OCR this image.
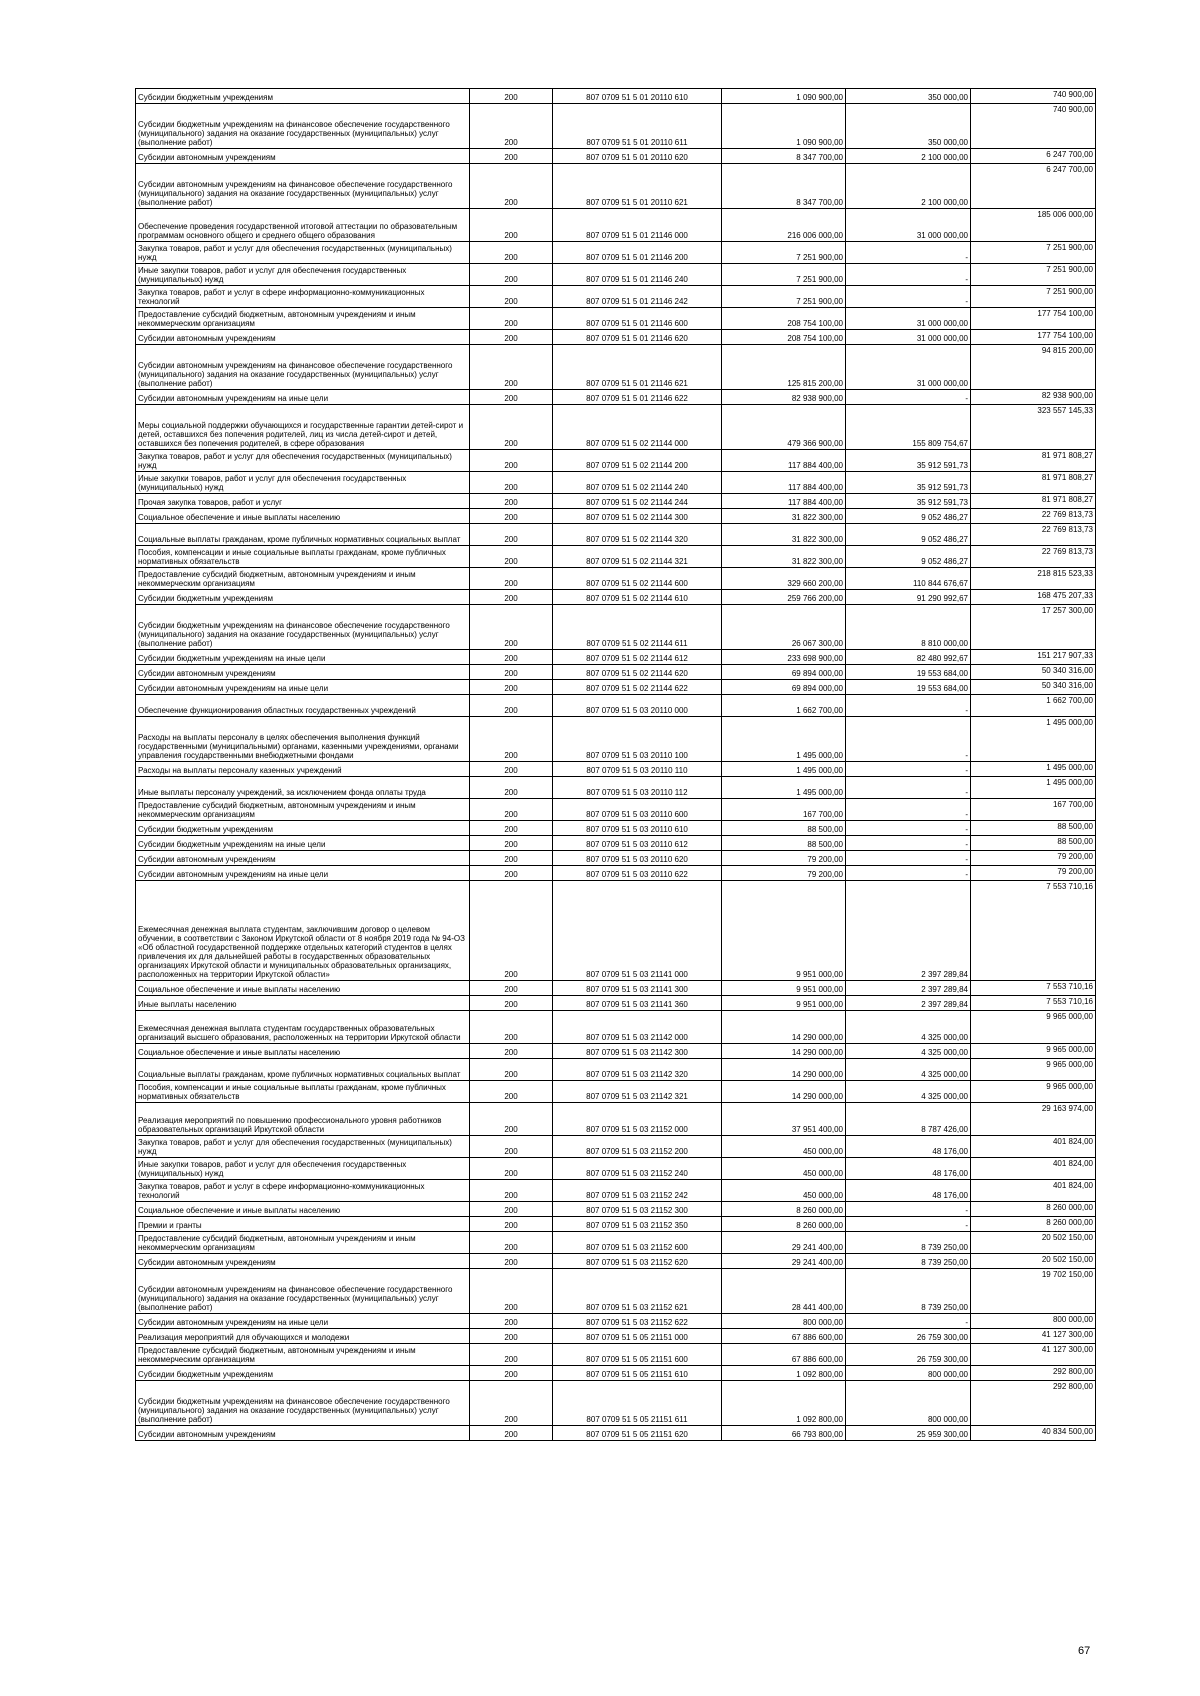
Субсидии бюджетным учреждениям	200	807 0709 51 5 01 20110 610	1 090 900,00	350 000,00	740 900,00
Субсидии бюджетным учреждениям на финансовое обеспечение государственного (муниципального) задания на оказание государственных (муниципальных) услуг (выполнение работ)	200	807 0709 51 5 01 20110 611	1 090 900,00	350 000,00	740 900,00
Субсидии автономным учреждениям	200	807 0709 51 5 01 20110 620	8 347 700,00	2 100 000,00	6 247 700,00
Субсидии автономным учреждениям на финансовое обеспечение государственного (муниципального) задания на оказание государственных (муниципальных) услуг (выполнение работ)	200	807 0709 51 5 01 20110 621	8 347 700,00	2 100 000,00	6 247 700,00
Обеспечение проведения государственной итоговой аттестации по образовательным программам основного общего и среднего общего образования	200	807 0709 51 5 01 21146 000	216 006 000,00	31 000 000,00	185 006 000,00
Закупка товаров, работ и услуг для обеспечения государственных (муниципальных) нужд	200	807 0709 51 5 01 21146 200	7 251 900,00	-	7 251 900,00
Иные закупки товаров, работ и услуг для обеспечения государственных (муниципальных) нужд	200	807 0709 51 5 01 21146 240	7 251 900,00	-	7 251 900,00
Закупка товаров, работ и услуг в сфере информационно-коммуникационных технологий	200	807 0709 51 5 01 21146 242	7 251 900,00	-	7 251 900,00
Предоставление субсидий бюджетным, автономным учреждениям и иным некоммерческим организациям	200	807 0709 51 5 01 21146 600	208 754 100,00	31 000 000,00	177 754 100,00
Субсидии автономным учреждениям	200	807 0709 51 5 01 21146 620	208 754 100,00	31 000 000,00	177 754 100,00
Субсидии автономным учреждениям на финансовое обеспечение государственного (муниципального) задания на оказание государственных (муниципальных) услуг (выполнение работ)	200	807 0709 51 5 01 21146 621	125 815 200,00	31 000 000,00	94 815 200,00
Субсидии автономным учреждениям на иные цели	200	807 0709 51 5 01 21146 622	82 938 900,00	-	82 938 900,00
Меры социальной поддержки обучающихся и государственные гарантии детей-сирот и детей, оставшихся без попечения родителей, лиц из числа детей-сирот и детей, оставшихся без попечения родителей, в сфере образования	200	807 0709 51 5 02 21144 000	479 366 900,00	155 809 754,67	323 557 145,33
Закупка товаров, работ и услуг для обеспечения государственных (муниципальных) нужд	200	807 0709 51 5 02 21144 200	117 884 400,00	35 912 591,73	81 971 808,27
Иные закупки товаров, работ и услуг для обеспечения государственных (муниципальных) нужд	200	807 0709 51 5 02 21144 240	117 884 400,00	35 912 591,73	81 971 808,27
Прочая закупка товаров, работ и услуг	200	807 0709 51 5 02 21144 244	117 884 400,00	35 912 591,73	81 971 808,27
Социальное обеспечение и иные выплаты населению	200	807 0709 51 5 02 21144 300	31 822 300,00	9 052 486,27	22 769 813,73
Социальные выплаты гражданам, кроме публичных нормативных социальных выплат	200	807 0709 51 5 02 21144 320	31 822 300,00	9 052 486,27	22 769 813,73
Пособия, компенсации и иные социальные выплаты гражданам, кроме публичных нормативных обязательств	200	807 0709 51 5 02 21144 321	31 822 300,00	9 052 486,27	22 769 813,73
Предоставление субсидий бюджетным, автономным учреждениям и иным некоммерческим организациям	200	807 0709 51 5 02 21144 600	329 660 200,00	110 844 676,67	218 815 523,33
Субсидии бюджетным учреждениям	200	807 0709 51 5 02 21144 610	259 766 200,00	91 290 992,67	168 475 207,33
Субсидии бюджетным учреждениям на финансовое обеспечение государственного (муниципального) задания на оказание государственных (муниципальных) услуг (выполнение работ)	200	807 0709 51 5 02 21144 611	26 067 300,00	8 810 000,00	17 257 300,00
Субсидии бюджетным учреждениям на иные цели	200	807 0709 51 5 02 21144 612	233 698 900,00	82 480 992,67	151 217 907,33
Субсидии автономным учреждениям	200	807 0709 51 5 02 21144 620	69 894 000,00	19 553 684,00	50 340 316,00
Субсидии автономным учреждениям на иные цели	200	807 0709 51 5 02 21144 622	69 894 000,00	19 553 684,00	50 340 316,00
Обеспечение функционирования областных государственных учреждений	200	807 0709 51 5 03 20110 000	1 662 700,00	-	1 662 700,00
Расходы на выплаты персоналу в целях обеспечения выполнения функций государственными (муниципальными) органами, казенными учреждениями, органами управления государственными внебюджетными фондами	200	807 0709 51 5 03 20110 100	1 495 000,00	-	1 495 000,00
Расходы на выплаты персоналу казенных учреждений	200	807 0709 51 5 03 20110 110	1 495 000,00	-	1 495 000,00
Иные выплаты персоналу учреждений, за исключением фонда оплаты труда	200	807 0709 51 5 03 20110 112	1 495 000,00	-	1 495 000,00
Предоставление субсидий бюджетным, автономным учреждениям и иным некоммерческим организациям	200	807 0709 51 5 03 20110 600	167 700,00	-	167 700,00
Субсидии бюджетным учреждениям	200	807 0709 51 5 03 20110 610	88 500,00	-	88 500,00
Субсидии бюджетным учреждениям на иные цели	200	807 0709 51 5 03 20110 612	88 500,00	-	88 500,00
Субсидии автономным учреждениям	200	807 0709 51 5 03 20110 620	79 200,00	-	79 200,00
Субсидии автономным учреждениям на иные цели	200	807 0709 51 5 03 20110 622	79 200,00	-	79 200,00
Ежемесячная денежная выплата студентам, заключившим договор о целевом обучении, в соответствии с Законом Иркутской области от 8 ноября 2019 года № 94-ОЗ «Об областной государственной поддержке отдельных категорий студентов в целях привлечения их для дальнейшей работы в государственных образовательных организациях Иркутской области и муниципальных образовательных организациях, расположенных на территории Иркутской области»	200	807 0709 51 5 03 21141 000	9 951 000,00	2 397 289,84	7 553 710,16
Социальное обеспечение и иные выплаты населению	200	807 0709 51 5 03 21141 300	9 951 000,00	2 397 289,84	7 553 710,16
Иные выплаты населению	200	807 0709 51 5 03 21141 360	9 951 000,00	2 397 289,84	7 553 710,16
Ежемесячная денежная выплата студентам государственных образовательных организаций высшего образования, расположенных на территории Иркутской области	200	807 0709 51 5 03 21142 000	14 290 000,00	4 325 000,00	9 965 000,00
Социальное обеспечение и иные выплаты населению	200	807 0709 51 5 03 21142 300	14 290 000,00	4 325 000,00	9 965 000,00
Социальные выплаты гражданам, кроме публичных нормативных социальных выплат	200	807 0709 51 5 03 21142 320	14 290 000,00	4 325 000,00	9 965 000,00
Пособия, компенсации и иные социальные выплаты гражданам, кроме публичных нормативных обязательств	200	807 0709 51 5 03 21142 321	14 290 000,00	4 325 000,00	9 965 000,00
Реализация мероприятий по повышению профессионального уровня работников образовательных организаций Иркутской области	200	807 0709 51 5 03 21152 000	37 951 400,00	8 787 426,00	29 163 974,00
Закупка товаров, работ и услуг для обеспечения государственных (муниципальных) нужд	200	807 0709 51 5 03 21152 200	450 000,00	48 176,00	401 824,00
Иные закупки товаров, работ и услуг для обеспечения государственных (муниципальных) нужд	200	807 0709 51 5 03 21152 240	450 000,00	48 176,00	401 824,00
Закупка товаров, работ и услуг в сфере информационно-коммуникационных технологий	200	807 0709 51 5 03 21152 242	450 000,00	48 176,00	401 824,00
Социальное обеспечение и иные выплаты населению	200	807 0709 51 5 03 21152 300	8 260 000,00	-	8 260 000,00
Премии и гранты	200	807 0709 51 5 03 21152 350	8 260 000,00	-	8 260 000,00
Предоставление субсидий бюджетным, автономным учреждениям и иным некоммерческим организациям	200	807 0709 51 5 03 21152 600	29 241 400,00	8 739 250,00	20 502 150,00
Субсидии автономным учреждениям	200	807 0709 51 5 03 21152 620	29 241 400,00	8 739 250,00	20 502 150,00
Субсидии автономным учреждениям на финансовое обеспечение государственного (муниципального) задания на оказание государственных (муниципальных) услуг (выполнение работ)	200	807 0709 51 5 03 21152 621	28 441 400,00	8 739 250,00	19 702 150,00
Субсидии автономным учреждениям на иные цели	200	807 0709 51 5 03 21152 622	800 000,00	-	800 000,00
Реализация мероприятий для обучающихся и молодежи	200	807 0709 51 5 05 21151 000	67 886 600,00	26 759 300,00	41 127 300,00
Предоставление субсидий бюджетным, автономным учреждениям и иным некоммерческим организациям	200	807 0709 51 5 05 21151 600	67 886 600,00	26 759 300,00	41 127 300,00
Субсидии бюджетным учреждениям	200	807 0709 51 5 05 21151 610	1 092 800,00	800 000,00	292 800,00
Субсидии бюджетным учреждениям на финансовое обеспечение государственного (муниципального) задания на оказание государственных (муниципальных) услуг (выполнение работ)	200	807 0709 51 5 05 21151 611	1 092 800,00	800 000,00	292 800,00
Субсидии автономным учреждениям	200	807 0709 51 5 05 21151 620	66 793 800,00	25 959 300,00	40 834 500,00
67
